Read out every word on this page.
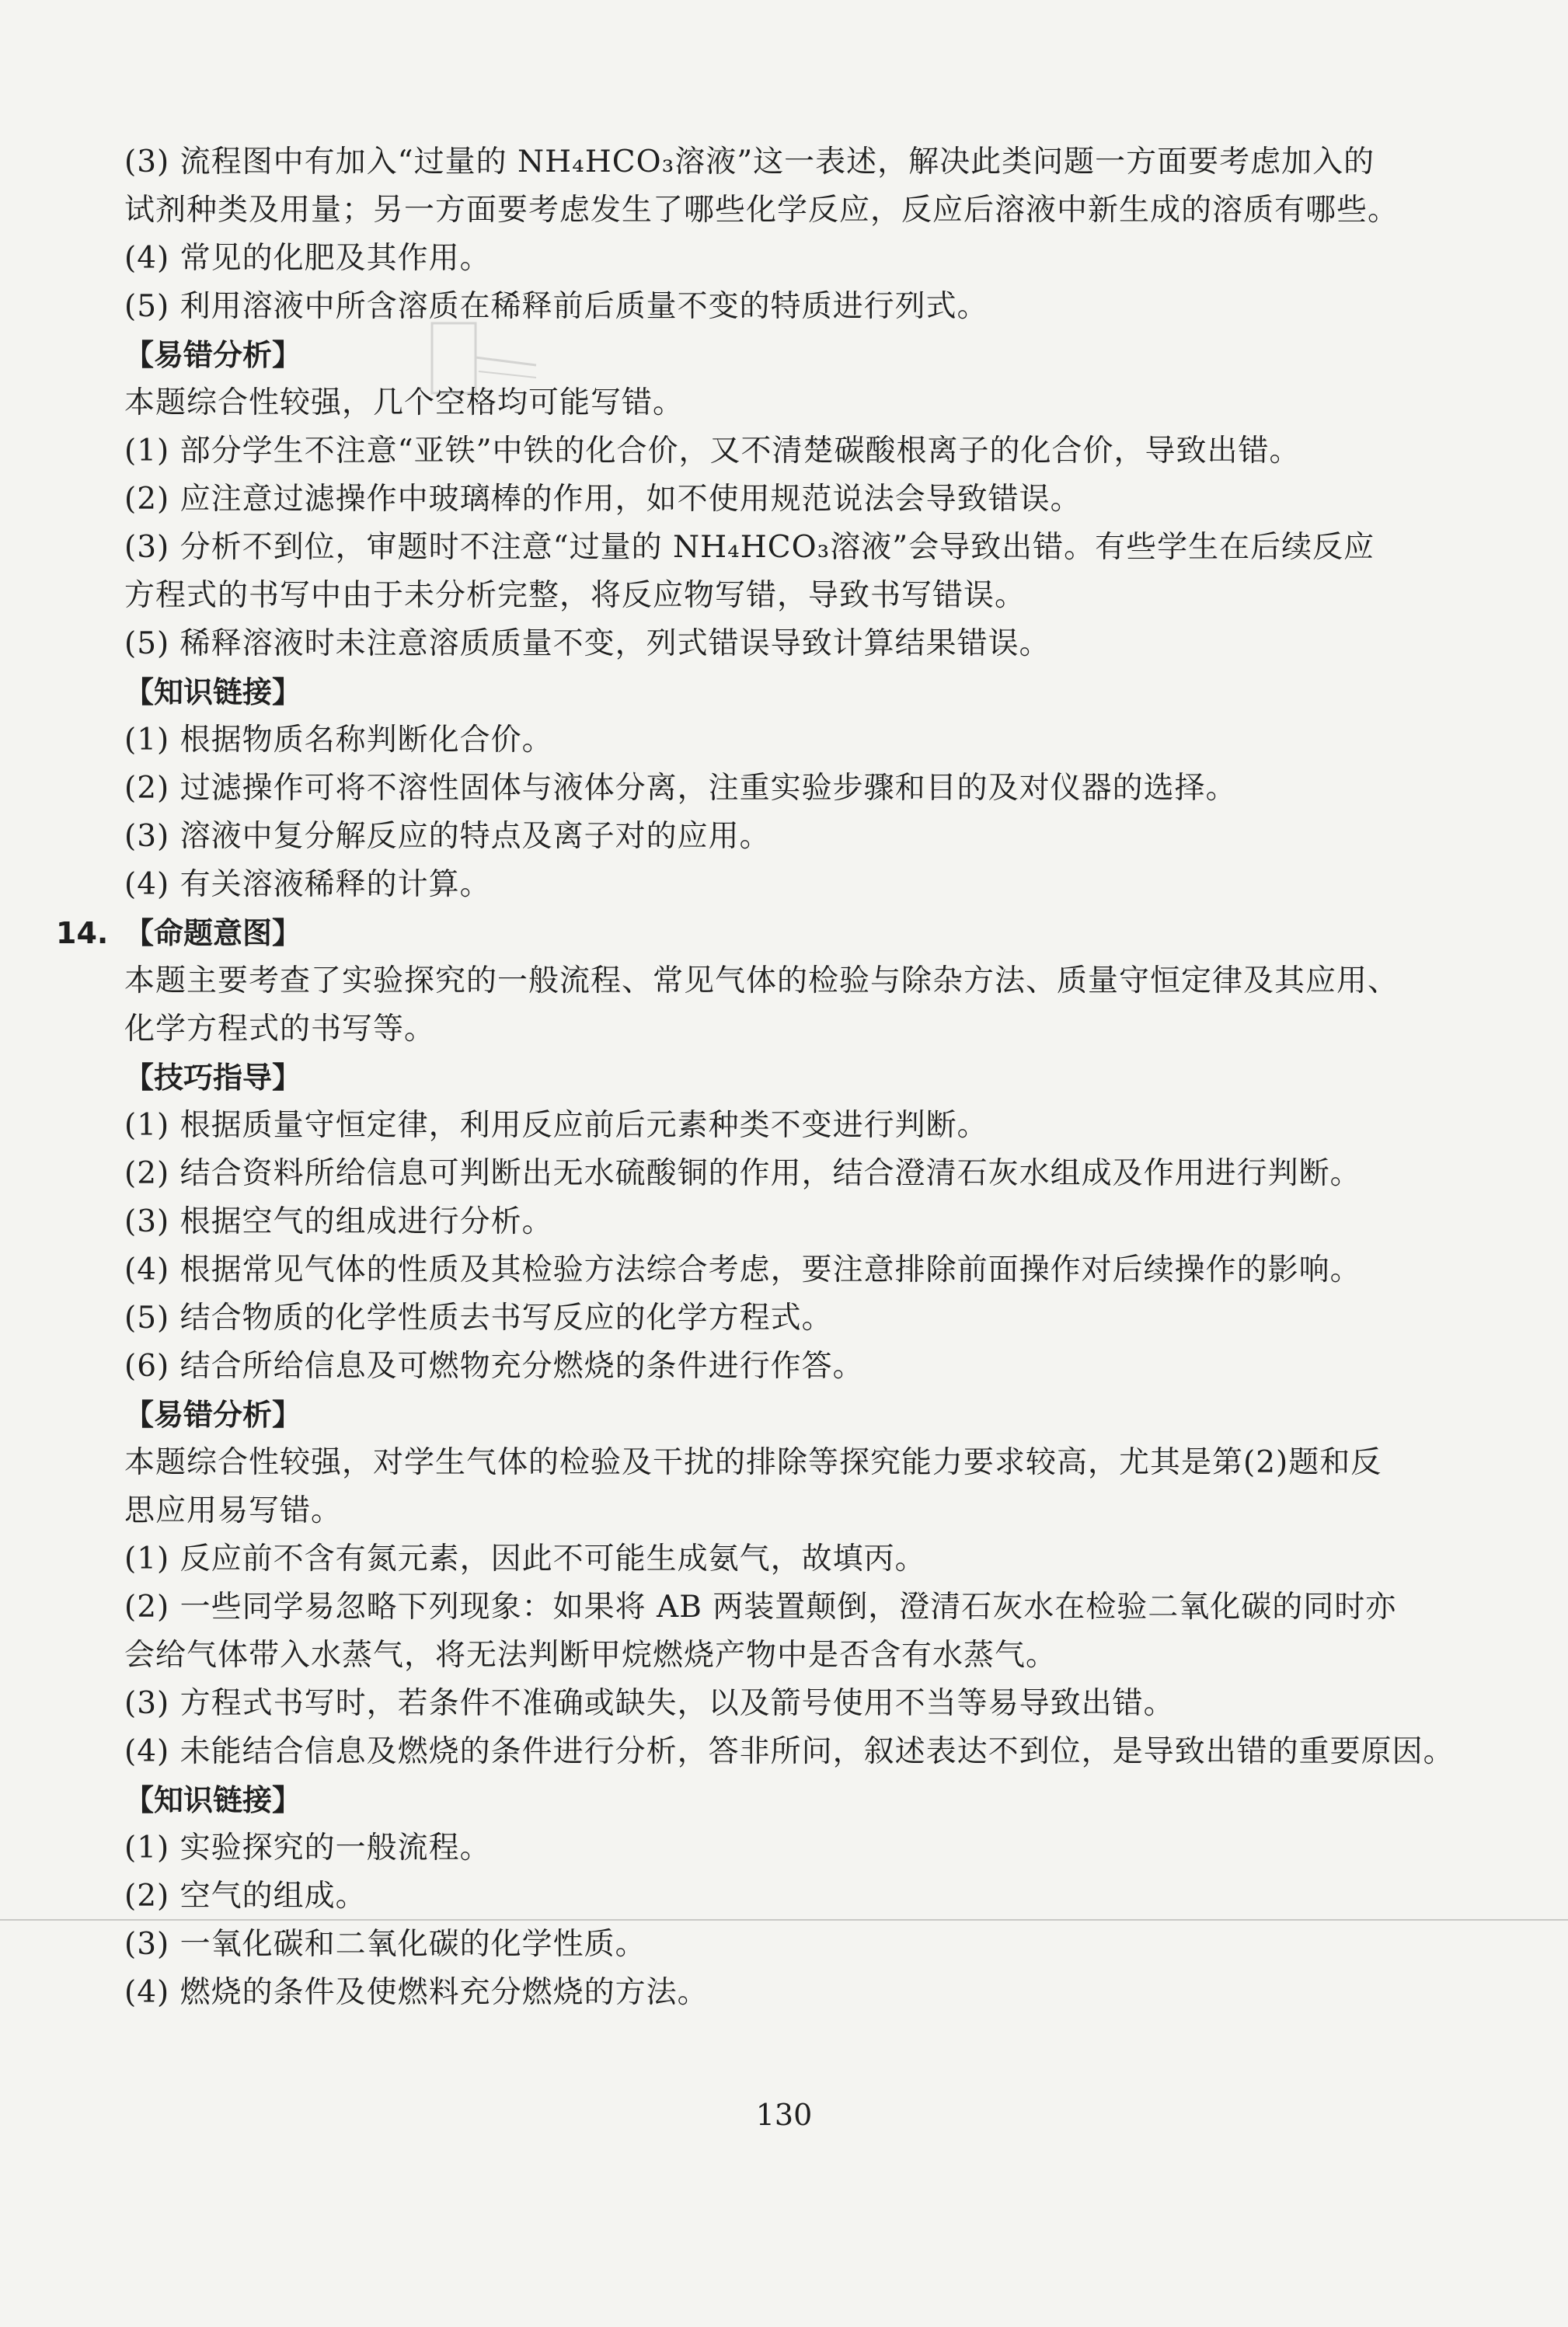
(3) 流程图中有加入“过量的 NH₄HCO₃溶液”这一表述，解决此类问题一方面要考虑加入的
试剂种类及用量；另一方面要考虑发生了哪些化学反应，反应后溶液中新生成的溶质有哪些。
(4) 常见的化肥及其作用。
(5) 利用溶液中所含溶质在稀释前后质量不变的特质进行列式。
【易错分析】
本题综合性较强，几个空格均可能写错。
(1) 部分学生不注意“亚铁”中铁的化合价，又不清楚碳酸根离子的化合价，导致出错。
(2) 应注意过滤操作中玻璃棒的作用，如不使用规范说法会导致错误。
(3) 分析不到位，审题时不注意“过量的 NH₄HCO₃溶液”会导致出错。有些学生在后续反应
方程式的书写中由于未分析完整，将反应物写错，导致书写错误。
(5) 稀释溶液时未注意溶质质量不变，列式错误导致计算结果错误。
【知识链接】
(1) 根据物质名称判断化合价。
(2) 过滤操作可将不溶性固体与液体分离，注重实验步骤和目的及对仪器的选择。
(3) 溶液中复分解反应的特点及离子对的应用。
(4) 有关溶液稀释的计算。
14. 【命题意图】
本题主要考查了实验探究的一般流程、常见气体的检验与除杂方法、质量守恒定律及其应用、
化学方程式的书写等。
【技巧指导】
(1) 根据质量守恒定律，利用反应前后元素种类不变进行判断。
(2) 结合资料所给信息可判断出无水硫酸铜的作用，结合澄清石灰水组成及作用进行判断。
(3) 根据空气的组成进行分析。
(4) 根据常见气体的性质及其检验方法综合考虑，要注意排除前面操作对后续操作的影响。
(5) 结合物质的化学性质去书写反应的化学方程式。
(6) 结合所给信息及可燃物充分燃烧的条件进行作答。
【易错分析】
本题综合性较强，对学生气体的检验及干扰的排除等探究能力要求较高，尤其是第(2)题和反
思应用易写错。
(1) 反应前不含有氮元素，因此不可能生成氨气，故填丙。
(2) 一些同学易忽略下列现象：如果将 AB 两装置颠倒，澄清石灰水在检验二氧化碳的同时亦
会给气体带入水蒸气，将无法判断甲烷燃烧产物中是否含有水蒸气。
(3) 方程式书写时，若条件不准确或缺失，以及箭号使用不当等易导致出错。
(4) 未能结合信息及燃烧的条件进行分析，答非所问，叙述表达不到位，是导致出错的重要原因。
【知识链接】
(1) 实验探究的一般流程。
(2) 空气的组成。
(3) 一氧化碳和二氧化碳的化学性质。
(4) 燃烧的条件及使燃料充分燃烧的方法。
130
